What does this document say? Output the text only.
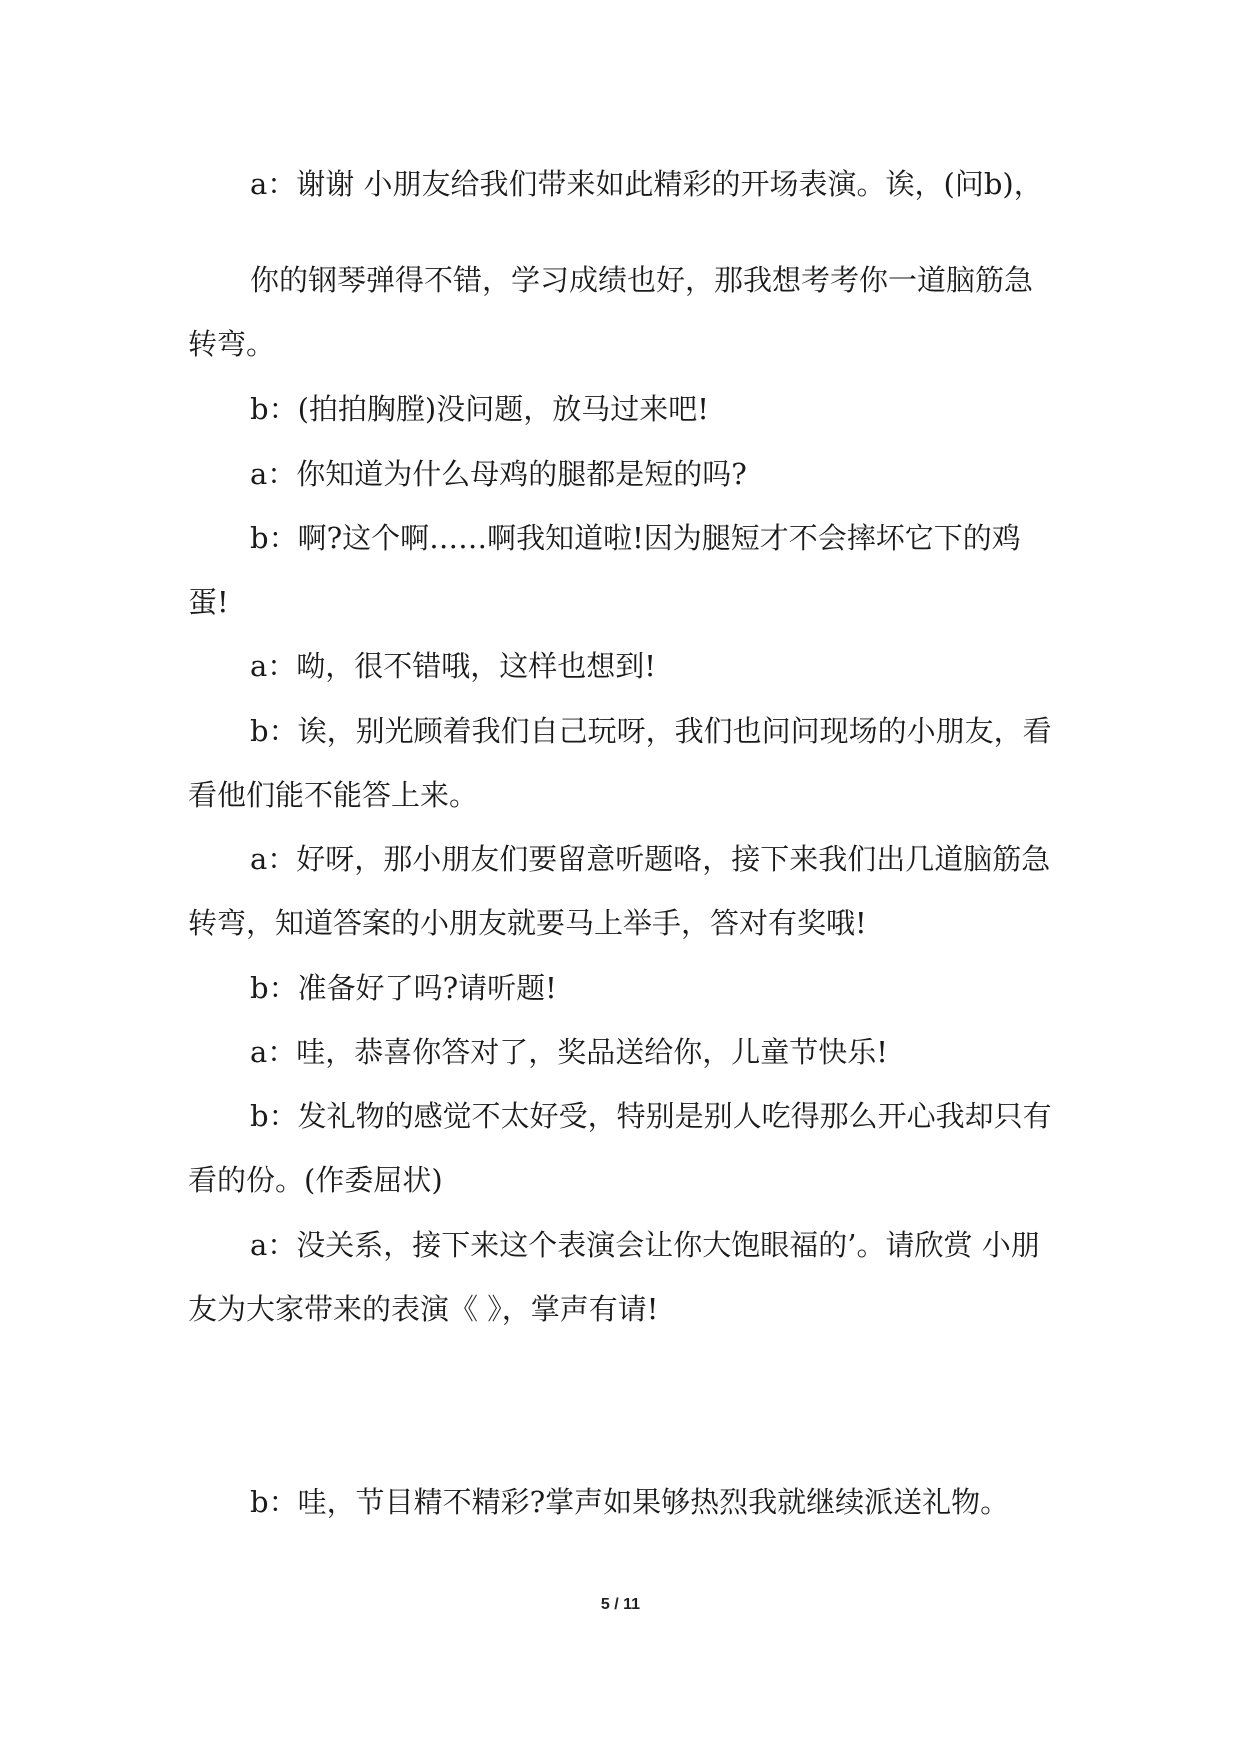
a：谢谢 小朋友给我们带来如此精彩的开场表演。诶，(问b)，

你的钢琴弹得不错，学习成绩也好，那我想考考你一道脑筋急转弯。

b：(拍拍胸膛)没问题，放马过来吧!

a：你知道为什么母鸡的腿都是短的吗?

b：啊?这个啊……啊我知道啦!因为腿短才不会摔坏它下的鸡蛋!

a：呦，很不错哦，这样也想到!

b：诶，别光顾着我们自己玩呀，我们也问问现场的小朋友，看看他们能不能答上来。

a：好呀，那小朋友们要留意听题咯，接下来我们出几道脑筋急转弯，知道答案的小朋友就要马上举手，答对有奖哦!

b：准备好了吗?请听题!

a：哇，恭喜你答对了，奖品送给你，儿童节快乐!

b：发礼物的感觉不太好受，特别是别人吃得那么开心我却只有看的份。(作委屈状)

a：没关系，接下来这个表演会让你大饱眼福的’。请欣赏 小朋友为大家带来的表演《 》，掌声有请!

b：哇，节目精不精彩?掌声如果够热烈我就继续派送礼物。

5 / 11
